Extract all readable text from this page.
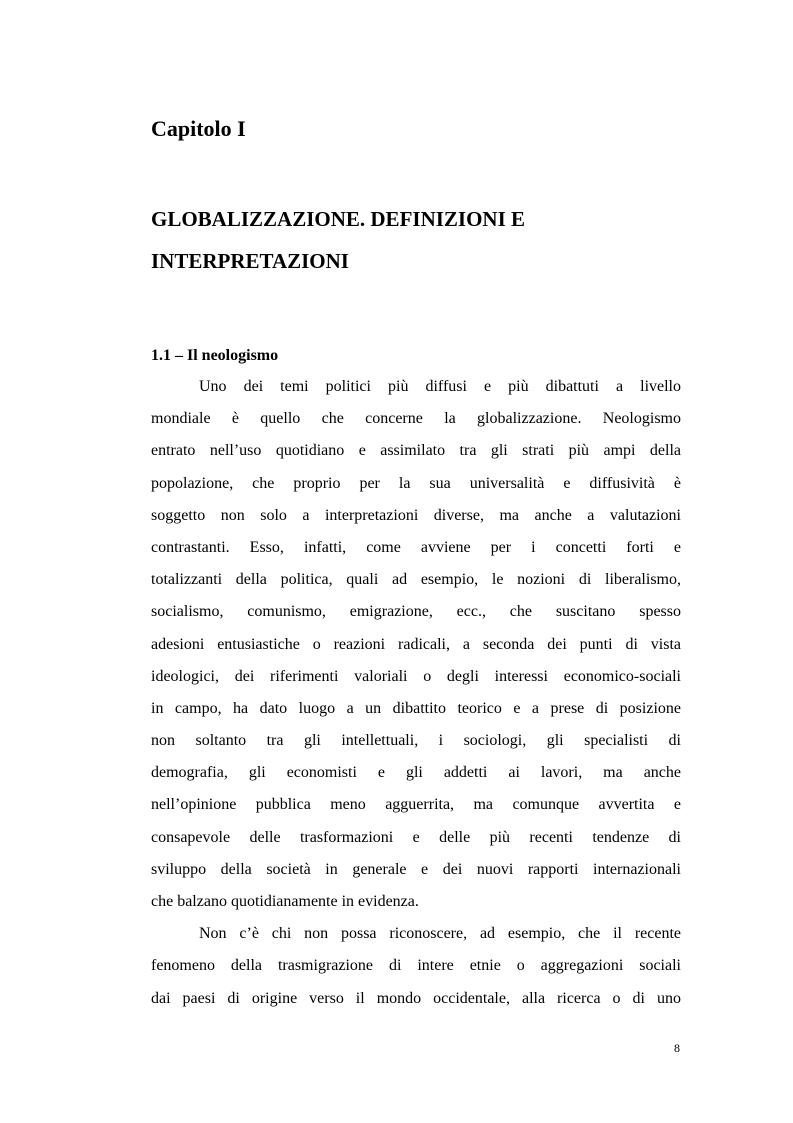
Capitolo I
GLOBALIZZAZIONE. DEFINIZIONI E
INTERPRETAZIONI
1.1 – Il neologismo
Uno dei temi politici più diffusi e più dibattuti a livello
mondiale è quello che concerne la globalizzazione. Neologismo
entrato nell’uso quotidiano e assimilato tra gli strati più ampi della
popolazione, che proprio per la sua universalità e diffusività è
soggetto non solo a interpretazioni diverse, ma anche a valutazioni
contrastanti. Esso, infatti, come avviene per i concetti forti e
totalizzanti della politica, quali ad esempio, le nozioni di liberalismo,
socialismo, comunismo, emigrazione, ecc., che suscitano spesso
adesioni entusiastiche o reazioni radicali, a seconda dei punti di vista
ideologici, dei riferimenti valoriali o degli interessi economico-sociali
in campo, ha dato luogo a un dibattito teorico e a prese di posizione
non soltanto tra gli intellettuali, i sociologi, gli specialisti di
demografia, gli economisti e gli addetti ai lavori, ma anche
nell’opinione pubblica meno agguerrita, ma comunque avvertita e
consapevole delle trasformazioni e delle più recenti tendenze di
sviluppo della società in generale e dei nuovi rapporti internazionali
che balzano quotidianamente in evidenza.
Non c’è chi non possa riconoscere, ad esempio, che il recente
fenomeno della trasmigrazione di intere etnie o aggregazioni sociali
dai paesi di origine verso il mondo occidentale, alla ricerca o di uno
8
